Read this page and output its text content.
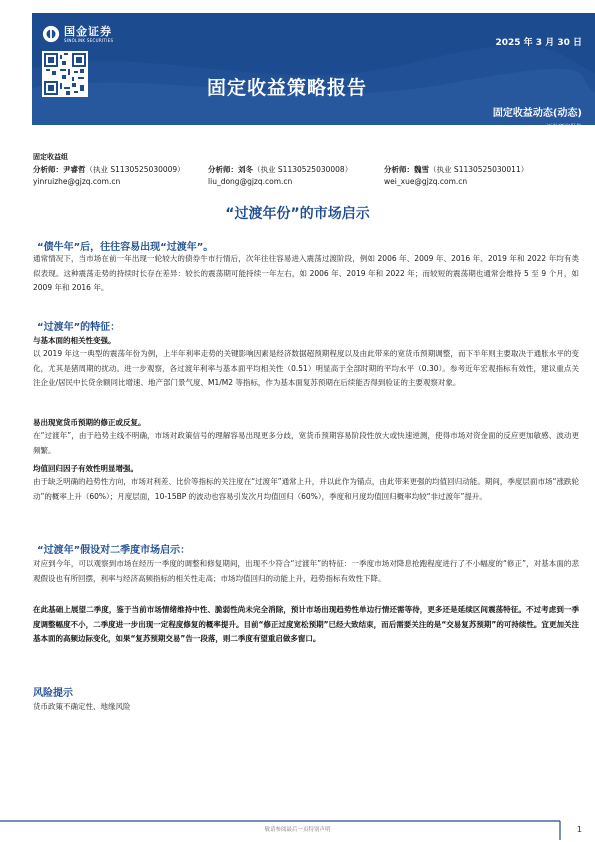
国金证券
SINOLINK SECURITIES	2025 年 3 月 30 日
固定收益策略报告
固定收益动态(动态)
证券研究报告
固定收益组
分析师：尹睿哲（执业 S1130525030009）
yinruizhe@gjzq.com.cn
分析师：刘冬（执业 S1130525030008）
liu_dong@gjzq.com.cn
分析师：魏雪（执业 S1130525030011）
wei_xue@gjzq.com.cn
“过渡年份”的市场启示
“债牛年”后，往往容易出现“过渡年”。
通常情况下，当市场在前一年出现一轮较大的债券牛市行情后，次年往往容易进入震荡过渡阶段，例如 2006 年、2009 年、2016 年、2019 年和 2022 年均有类似表现。这种震荡走势的持续时长存在差异：较长的震荡期可能持续一年左右，如 2006 年、2019 年和 2022 年；而较短的震荡期也通常会维持 5 至 9 个月，如 2009 年和 2016 年。
“过渡年”的特征：
与基本面的相关性变强。
以 2019 年这一典型的震荡年份为例，上半年利率走势的关键影响因素是经济数据超预期程度以及由此带来的宽货币预期调整，而下半年则主要取决于通胀水平的变化，尤其是猪周期的扰动。进一步观察，各过渡年利率与基本面平均相关性（0.51）明显高于全部时期的平均水平（0.30）。参考近年宏观指标有效性，建议重点关注企业/居民中长贷余额同比增速、地产部门景气度、M1/M2 等指标，作为基本面复苏预期在后续能否得到验证的主要观察对象。
易出现宽货币预期的修正或反复。
在“过渡年”，由于趋势主线不明确，市场对政策信号的理解容易出现更多分歧，宽货币预期容易阶段性放大或快速逆测，使得市场对资金面的反应更加敏感、波动更频繁。
均值回归因子有效性明显增强。
由于缺乏明确的趋势性方向，市场对利差、比价等指标的关注度在“过渡年”通常上升，并以此作为锚点，由此带来更强的均值回归动能。期间，季度层面市场“涨跌轮动”的概率上升（60%）；月度层面，10-15BP 的波动也容易引发次月均值回归（60%），季度和月度均值回归概率均较“非过渡年”提升。
“过渡年”假设对二季度市场启示：
对应到今年，可以观察到市场在经历一季度的调整和修复期间，出现不少符合“过渡年”的特征：一季度市场对降息抢跑程度进行了不小幅度的“修正”，对基本面的悲观假设也有所回摆，利率与经济高频指标的相关性走高；市场均值回归的动能上升，趋势指标有效性下降。
在此基础上展望二季度，鉴于当前市场情绪维持中性、脆弱性尚未完全消除，预计市场出现趋势性单边行情还需等待，更多还是延续区间震荡特征。不过考虑到一季度调整幅度不小，二季度进一步出现一定程度修复的概率提升。目前“修正过度宽松预期”已经大致结束，而后需要关注的是“交易复苏预期”的可持续性。宜更加关注基本面的高频边际变化，如果“复苏预期交易”告一段落，则二季度有望重启做多窗口。
风险提示
货币政策不确定性、地缘风险
敬请参阅最后一页特别声明	1
